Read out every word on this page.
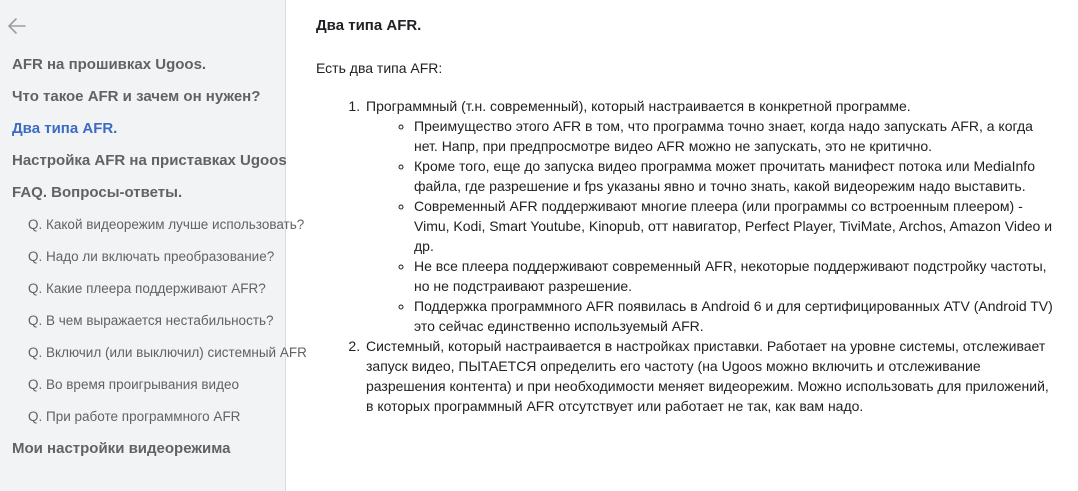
AFR на прошивках Ugoos.
Что такое AFR и зачем он нужен?
Два типа AFR.
Настройка AFR на приставках Ugoos
FAQ. Вопросы-ответы.
Q. Какой видеорежим лучше использовать?
Q. Надо ли включать преобразование?
Q. Какие плеера поддерживают AFR?
Q. В чем выражается нестабильность?
Q. Включил (или выключил) системный AFR
Q. Во время проигрывания видео
Q. При работе программного AFR
Мои настройки видеорежима
Два типа AFR.

Есть два типа AFR:

1. Программный (т.н. современный), который настраивается в конкретной программе.
◦ Преимущество этого AFR в том, что программа точно знает, когда надо запускать AFR, а когда нет. Напр, при предпросмотре видео AFR можно не запускать, это не критично.
◦ Кроме того, еще до запуска видео программа может прочитать манифест потока или MediaInfo файла, где разрешение и fps указаны явно и точно знать, какой видеорежим надо выставить.
◦ Современный AFR поддерживают многие плеера (или программы со встроенным плеером) - Vimu, Kodi, Smart Youtube, Kinopub, отт навигатор, Perfect Player, TiviMate, Archos, Amazon Video и др.
◦ Не все плеера поддерживают современный AFR, некоторые поддерживают подстройку частоты, но не подстраивают разрешение.
◦ Поддержка программного AFR появилась в Android 6 и для сертифицированных ATV (Android TV) это сейчас единственно используемый AFR.
2. Системный, который настраивается в настройках приставки. Работает на уровне системы, отслеживает запуск видео, ПЫТАЕТСЯ определить его частоту (на Ugoos можно включить и отслеживание разрешения контента) и при необходимости меняет видеорежим. Можно использовать для приложений, в которых программный AFR отсутствует или работает не так, как вам надо.
